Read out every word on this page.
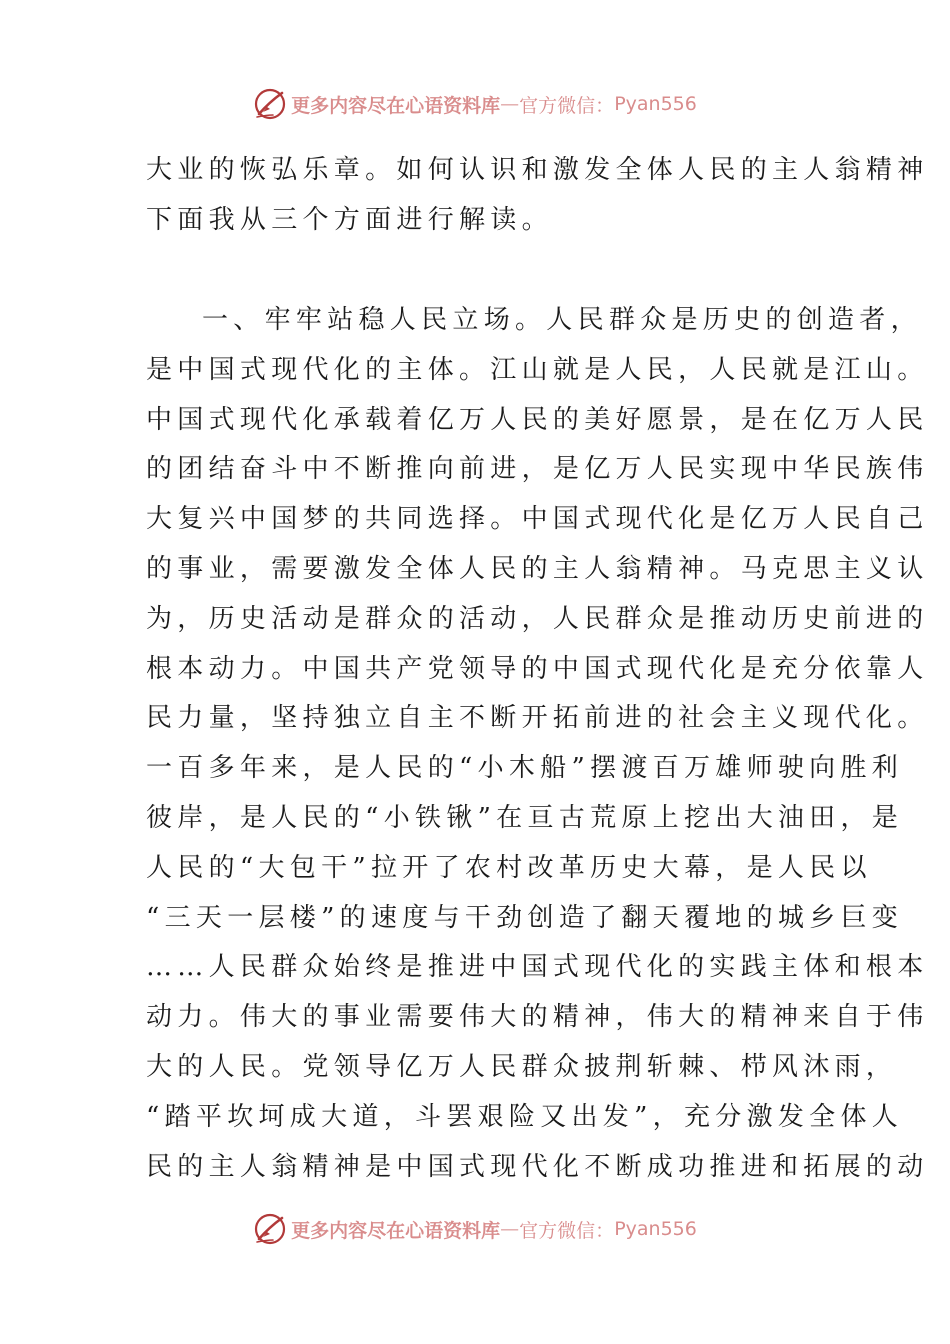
更多内容尽在心语资料库 — 官方微信： Pyan556
大业的恢弘乐章。如何认识和激发全体人民的主人翁精神
下面我从三个方面进行解读。
一、牢牢站稳人民立场。人民群众是历史的创造者，
是中国式现代化的主体。江山就是人民，人民就是江山。
中国式现代化承载着亿万人民的美好愿景，是在亿万人民
的团结奋斗中不断推向前进，是亿万人民实现中华民族伟
大复兴中国梦的共同选择。中国式现代化是亿万人民自己
的事业，需要激发全体人民的主人翁精神。马克思主义认
为，历史活动是群众的活动，人民群众是推动历史前进的
根本动力。中国共产党领导的中国式现代化是充分依靠人
民力量，坚持独立自主不断开拓前进的社会主义现代化。
一百多年来，是人民的“小木船”摆渡百万雄师驶向胜利
彼岸，是人民的“小铁锹”在亘古荒原上挖出大油田，是
人民的“大包干”拉开了农村改革历史大幕，是人民以
“三天一层楼”的速度与干劲创造了翻天覆地的城乡巨变
……人民群众始终是推进中国式现代化的实践主体和根本
动力。伟大的事业需要伟大的精神，伟大的精神来自于伟
大的人民。党领导亿万人民群众披荆斩棘、栉风沐雨，
“踏平坎坷成大道，斗罢艰险又出发”，充分激发全体人
民的主人翁精神是中国式现代化不断成功推进和拓展的动
更多内容尽在心语资料库 — 官方微信： Pyan556
